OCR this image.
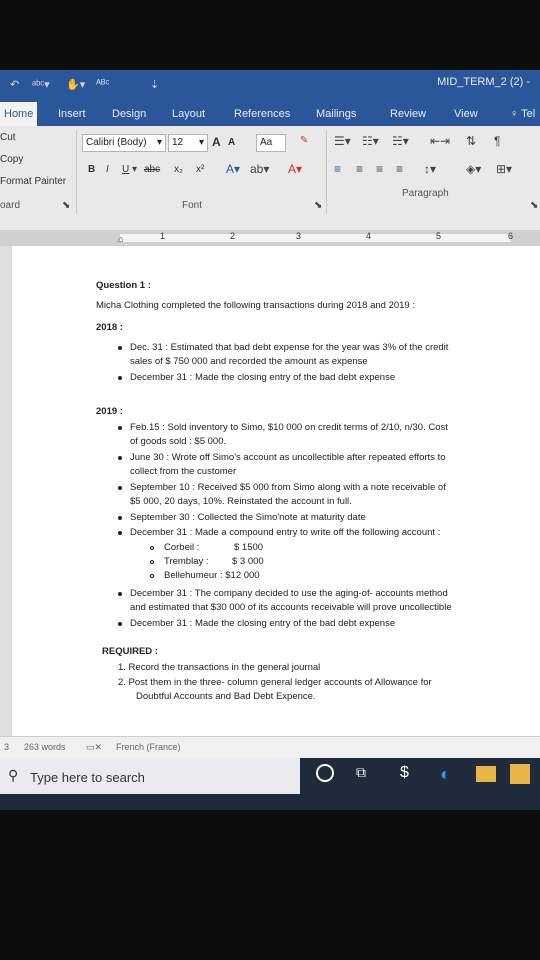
↶ ᵃᵇᶜ▾ ✋▾ ᴬᴮᶜ	⇣	MID_TERM_2 (2) -
Home	Insert Design Layout	References Mailings	Review	View	♀ Tel
Cut
Copy
Format Painter
oard	⬊
Calibri (Body) ▾	12 ▾ A A	Aa	✎
B I U ▾ abc x₂ x² A▾ ab▾ A▾
Font	⬊
☰▾ ☷▾ ☵▾ ⇤⇥ ⇅ ¶
≡ ≡ ≡ ≡ ↕▾ ◈▾ ⊞▾
Paragraph
⬊
1	2	3	4	5	6
⌂
Question 1 :
Micha Clothing completed the following transactions during 2018 and 2019 :
2018 :
Dec. 31 : Estimated that bad debt expense for the year was 3% of the credit
sales of $ 750 000 and recorded the amount as expense
December 31 : Made the closing entry of the bad debt expense
2019 :
Feb.15 : Sold inventory to Simo, $10 000 on credit terms of 2/10, n/30. Cost
of goods sold : $5 000.
June 30 : Wrote off Simo's account as uncollectible after repeated efforts to
collect from the customer
September 10 : Received $5 000 from Simo along with a note receivable of
$5 000, 20 days, 10%. Reinstated the account in full.
September 30 : Collected the Simo'note at maturity date
December 31 : Made a compound entry to write off the following account :
Corbeil :	$ 1500
Tremblay : $ 3 000
Bellehumeur : $12 000
December 31 : The company decided to use the aging-of- accounts method
and estimated that $30 000 of its accounts receivable will prove uncollectible
December 31 : Made the closing entry of the bad debt expense
REQUIRED :
1. Record the transactions in the general journal
2. Post them in the three- column general ledger accounts of Allowance for
Doubtful Accounts and Bad Debt Expence.
3 263 words ▭✕ French (France)
⚲ Type here to search	⧉	$	◐
